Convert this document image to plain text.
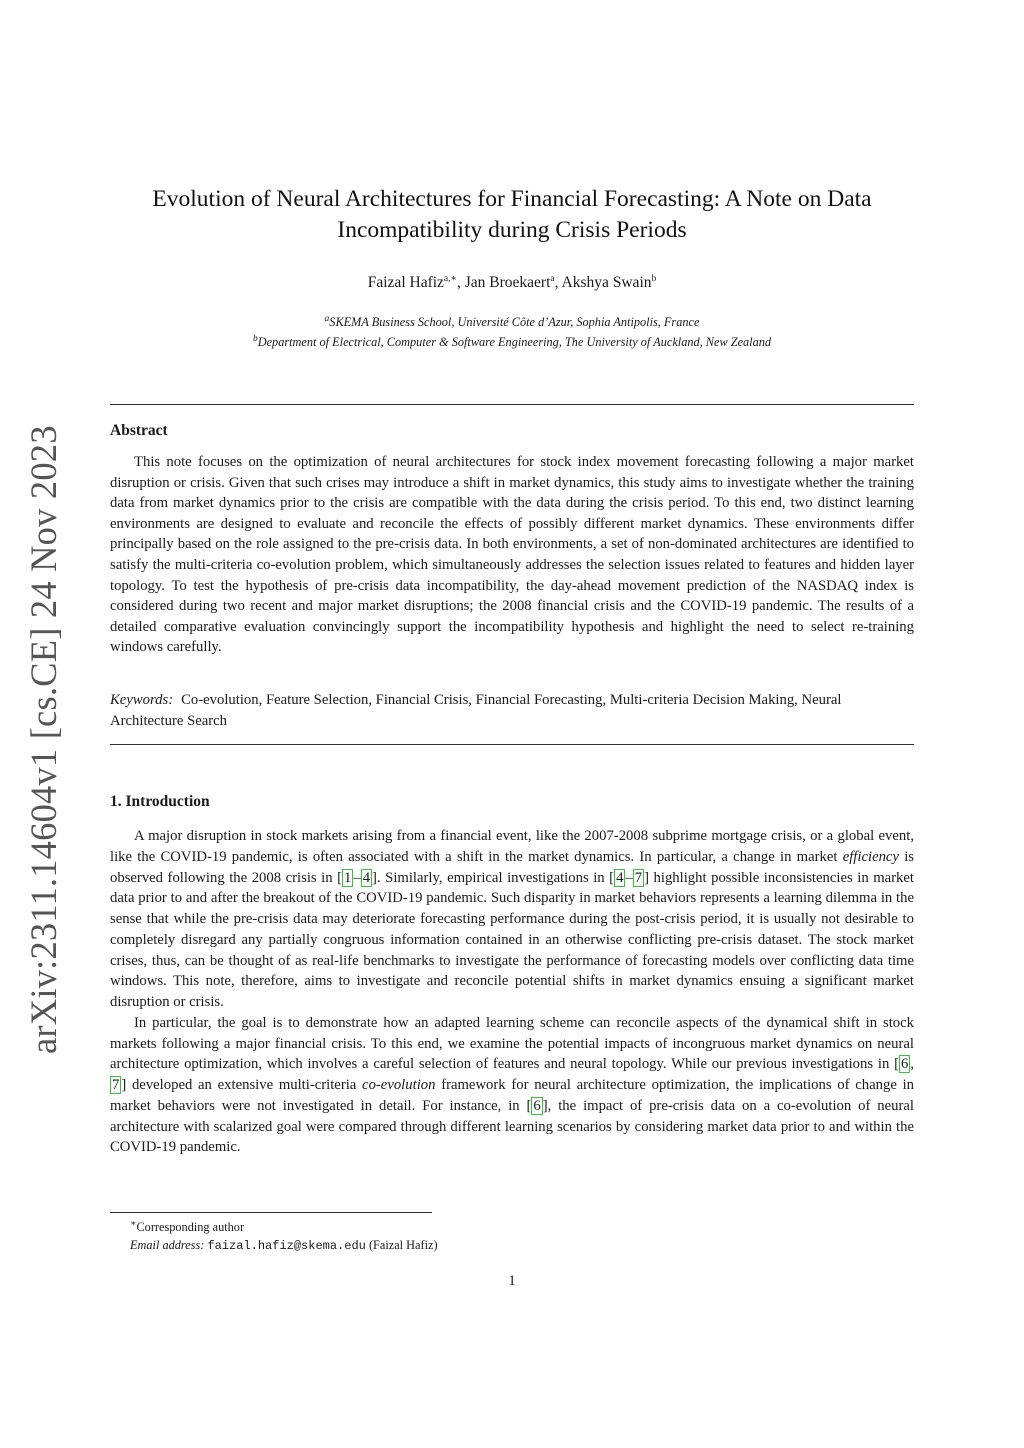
arXiv:2311.14604v1 [cs.CE] 24 Nov 2023
Evolution of Neural Architectures for Financial Forecasting: A Note on Data
Incompatibility during Crisis Periods
Faizal Hafiz$^{a,∗}$, Jan Broekaert$^a$, Akshya Swain$^b$
$^a$SKEMA Business School, Université Côte d’Azur, Sophia Antipolis, France
$^b$Department of Electrical, Computer & Software Engineering, The University of Auckland, New Zealand
Abstract

This note focuses on the optimization of neural architectures for stock index movement forecasting following a major market disruption or crisis. Given that such crises may introduce a shift in market dynamics, this study aims to investigate whether the training data from market dynamics prior to the crisis are compatible with the data during the crisis period. To this end, two distinct learning environments are designed to evaluate and reconcile the effects of possibly different market dynamics. These environments differ principally based on the role assigned to the pre-crisis data. In both environments, a set of non-dominated architectures are identified to satisfy the multi-criteria co-evolution problem, which simultaneously addresses the selection issues related to features and hidden layer topology. To test the hypothesis of pre-crisis data incompatibility, the day-ahead movement prediction of the NASDAQ index is considered during two recent and major market disruptions; the 2008 financial crisis and the COVID-19 pandemic. The results of a detailed comparative evaluation convincingly support the incompatibility hypothesis and highlight the need to select re-training windows carefully.

Keywords: Co-evolution, Feature Selection, Financial Crisis, Financial Forecasting, Multi-criteria Decision Making, Neural Architecture Search

1. Introduction

A major disruption in stock markets arising from a financial event, like the 2007-2008 subprime mortgage crisis, or a global event, like the COVID-19 pandemic, is often associated with a shift in the market dynamics. In particular, a change in market efficiency is observed following the 2008 crisis in [ 1 – 4 ]. Similarly, empirical investigations in [ 4 – 7 ] highlight possible inconsistencies in market data prior to and after the breakout of the COVID-19 pandemic. Such disparity in market behaviors represents a learning dilemma in the sense that while the pre-crisis data may deteriorate forecasting performance during the post-crisis period, it is usually not desirable to completely disregard any partially congruous information contained in an otherwise conflicting pre-crisis dataset. The stock market crises, thus, can be thought of as real-life benchmarks to investigate the performance of forecasting models over conflicting data time windows. This note, therefore, aims to investigate and reconcile potential shifts in market dynamics ensuing a significant market disruption or crisis.

In particular, the goal is to demonstrate how an adapted learning scheme can reconcile aspects of the dynamical shift in stock markets following a major financial crisis. To this end, we examine the potential impacts of incongruous market dynamics on neural architecture optimization, which involves a careful selection of features and neural topology. While our previous investigations in [ 6 , 7 ] developed an extensive multi-criteria co-evolution framework for neural architecture optimization, the implications of change in market behaviors were not investigated in detail. For instance, in [ 6 ], the impact of pre-crisis data on a co-evolution of neural architecture with scalarized goal were compared through different learning scenarios by considering market data prior to and within the COVID-19 pandemic.

∗Corresponding author
Email address: faizal.hafiz@skema.edu (Faizal Hafiz)
1
